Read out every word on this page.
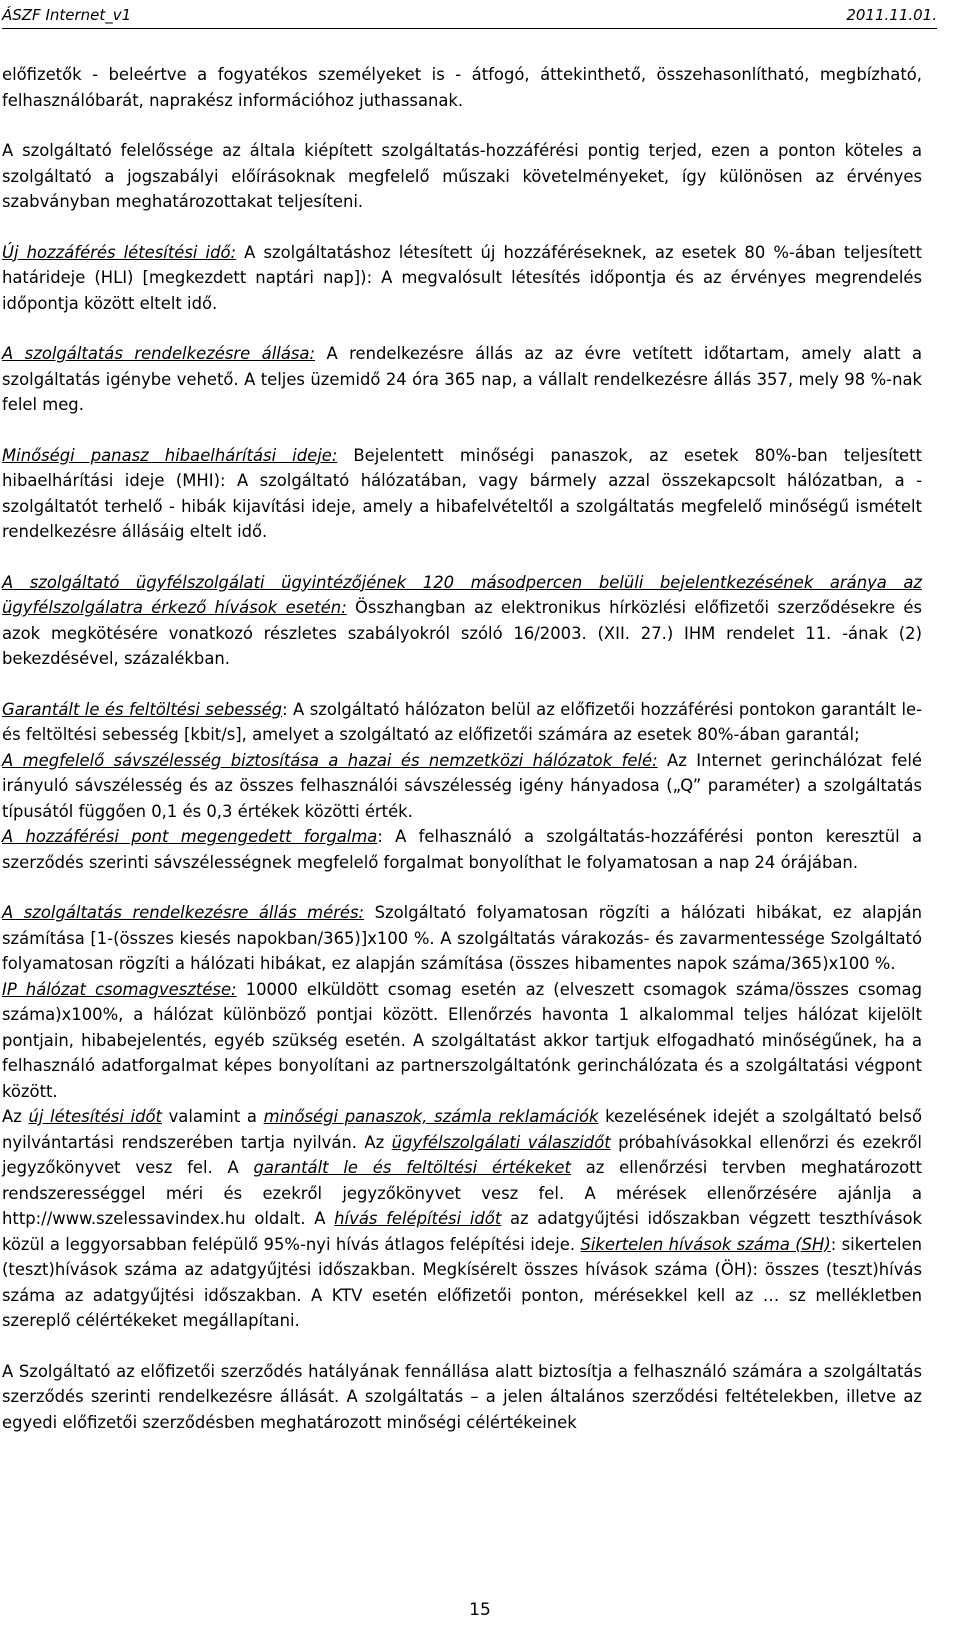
ÁSZF Internet_v1	2011.11.01.

előfizetők - beleértve a fogyatékos személyeket is - átfogó, áttekinthető, összehasonlítható, megbízható, felhasználóbarát, naprakész információhoz juthassanak.

A szolgáltató felelőssége az általa kiépített szolgáltatás-hozzáférési pontig terjed, ezen a ponton köteles a szolgáltató a jogszabályi előírásoknak megfelelő műszaki követelményeket, így különösen az érvényes szabványban meghatározottakat teljesíteni.

Új hozzáférés létesítési idő: A szolgáltatáshoz létesített új hozzáféréseknek, az esetek 80 %-ában teljesített határideje (HLI) [megkezdett naptári nap]): A megvalósult létesítés időpontja és az érvényes megrendelés időpontja között eltelt idő.

A szolgáltatás rendelkezésre állása: A rendelkezésre állás az az évre vetített időtartam, amely alatt a szolgáltatás igénybe vehető. A teljes üzemidő 24 óra 365 nap, a vállalt rendelkezésre állás 357, mely 98 %-nak felel meg.

Minőségi panasz hibaelhárítási ideje: Bejelentett minőségi panaszok, az esetek 80%-ban teljesített hibaelhárítási ideje (MHI): A szolgáltató hálózatában, vagy bármely azzal összekapcsolt hálózatban, a - szolgáltatót terhelő - hibák kijavítási ideje, amely a hibafelvételtől a szolgáltatás megfelelő minőségű ismételt rendelkezésre állásáig eltelt idő.

A szolgáltató ügyfélszolgálati ügyintézőjének 120 másodpercen belüli bejelentkezésének aránya az ügyfélszolgálatra érkező hívások esetén: Összhangban az elektronikus hírközlési előfizetői szerződésekre és azok megkötésére vonatkozó részletes szabályokról szóló 16/2003. (XII. 27.) IHM rendelet 11. -ának (2) bekezdésével, százalékban.

Garantált le és feltöltési sebesség: A szolgáltató hálózaton belül az előfizetői hozzáférési pontokon garantált le- és feltöltési sebesség [kbit/s], amelyet a szolgáltató az előfizetői számára az esetek 80%-ában garantál;

A megfelelő sávszélesség biztosítása a hazai és nemzetközi hálózatok felé: Az Internet gerinchálózat felé irányuló sávszélesség és az összes felhasználói sávszélesség igény hányadosa („Q” paraméter) a szolgáltatás típusától függően 0,1 és 0,3 értékek közötti érték.

A hozzáférési pont megengedett forgalma: A felhasználó a szolgáltatás-hozzáférési ponton keresztül a szerződés szerinti sávszélességnek megfelelő forgalmat bonyolíthat le folyamatosan a nap 24 órájában.

A szolgáltatás rendelkezésre állás mérés: Szolgáltató folyamatosan rögzíti a hálózati hibákat, ez alapján számítása [1-(összes kiesés napokban/365)]x100 %. A szolgáltatás várakozás- és zavarmentessége Szolgáltató folyamatosan rögzíti a hálózati hibákat, ez alapján számítása (összes hibamentes napok száma/365)x100 %.

IP hálózat csomagvesztése: 10000 elküldött csomag esetén az (elveszett csomagok száma/összes csomag száma)x100%, a hálózat különböző pontjai között. Ellenőrzés havonta 1 alkalommal teljes hálózat kijelölt pontjain, hibabejelentés, egyéb szükség esetén. A szolgáltatást akkor tartjuk elfogadható minőségűnek, ha a felhasználó adatforgalmat képes bonyolítani az partnerszolgáltatónk gerinchálózata és a szolgáltatási végpont között.

Az új létesítési időt valamint a minőségi panaszok, számla reklamációk kezelésének idejét a szolgáltató belső nyilvántartási rendszerében tartja nyilván. Az ügyfélszolgálati válaszidőt próbahívásokkal ellenőrzi és ezekről jegyzőkönyvet vesz fel. A garantált le és feltöltési értékeket az ellenőrzési tervben meghatározott rendszerességgel méri és ezekről jegyzőkönyvet vesz fel. A mérések ellenőrzésére ajánlja a http://www.szelessavindex.hu oldalt. A hívás felépítési időt az adatgyűjtési időszakban végzett teszthívások közül a leggyorsabban felépülő 95%-nyi hívás átlagos felépítési ideje. Sikertelen hívások száma (SH): sikertelen (teszt)hívások száma az adatgyűjtési időszakban. Megkísérelt összes hívások száma (ÖH): összes (teszt)hívás száma az adatgyűjtési időszakban. A KTV esetén előfizetői ponton, mérésekkel kell az … sz mellékletben szereplő célértékeket megállapítani.

A Szolgáltató az előfizetői szerződés hatályának fennállása alatt biztosítja a felhasználó számára a szolgáltatás szerződés szerinti rendelkezésre állását. A szolgáltatás – a jelen általános szerződési feltételekben, illetve az egyedi előfizetői szerződésben meghatározott minőségi célértékeinek

15
